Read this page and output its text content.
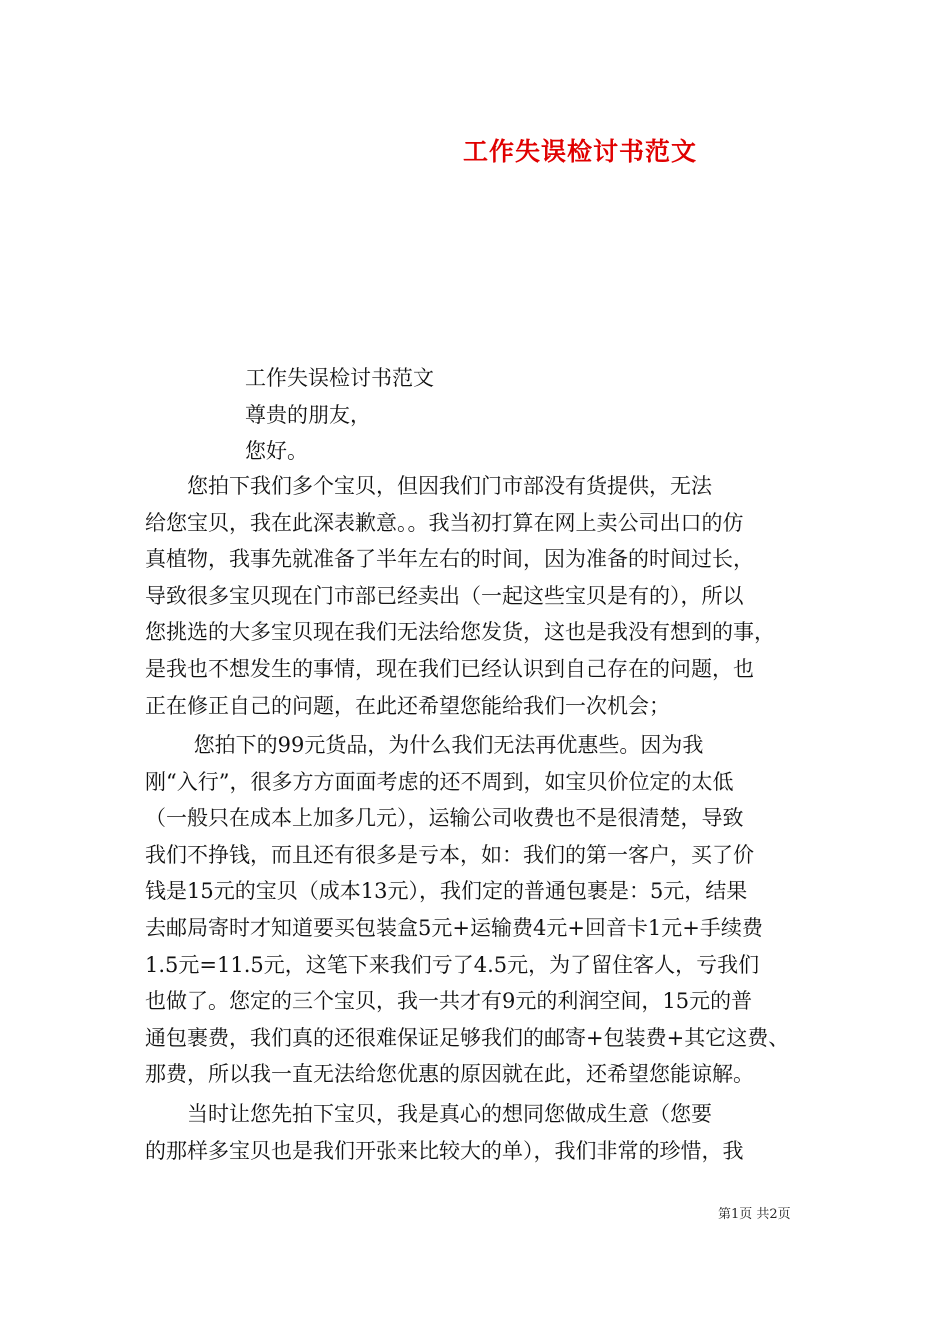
工作失误检讨书范文
工作失误检讨书范文
尊贵的朋友，
您好。
　　您拍下我们多个宝贝，但因我们门市部没有货提供，无法
给您宝贝，我在此深表歉意。。我当初打算在网上卖公司出口的仿
真植物，我事先就准备了半年左右的时间，因为准备的时间过长，
导致很多宝贝现在门市部已经卖出（一起这些宝贝是有的），所以
您挑选的大多宝贝现在我们无法给您发货，这也是我没有想到的事，
是我也不想发生的事情，现在我们已经认识到自己存在的问题，也
正在修正自己的问题，在此还希望您能给我们一次机会；
　　 您拍下的99元货品，为什么我们无法再优惠些。因为我
刚“入行”，很多方方面面考虑的还不周到，如宝贝价位定的太低
（一般只在成本上加多几元），运输公司收费也不是很清楚，导致
我们不挣钱，而且还有很多是亏本，如：我们的第一客户，买了价
钱是15元的宝贝（成本13元），我们定的普通包裹是：5元，结果
去邮局寄时才知道要买包装盒5元+运输费4元+回音卡1元+手续费
1.5元=11.5元，这笔下来我们亏了4.5元，为了留住客人，亏我们
也做了。您定的三个宝贝，我一共才有9元的利润空间，15元的普
通包裹费，我们真的还很难保证足够我们的邮寄+包装费+其它这费、
那费，所以我一直无法给您优惠的原因就在此，还希望您能谅解。
　　当时让您先拍下宝贝，我是真心的想同您做成生意（您要
的那样多宝贝也是我们开张来比较大的单），我们非常的珍惜，我
第1页 共2页
